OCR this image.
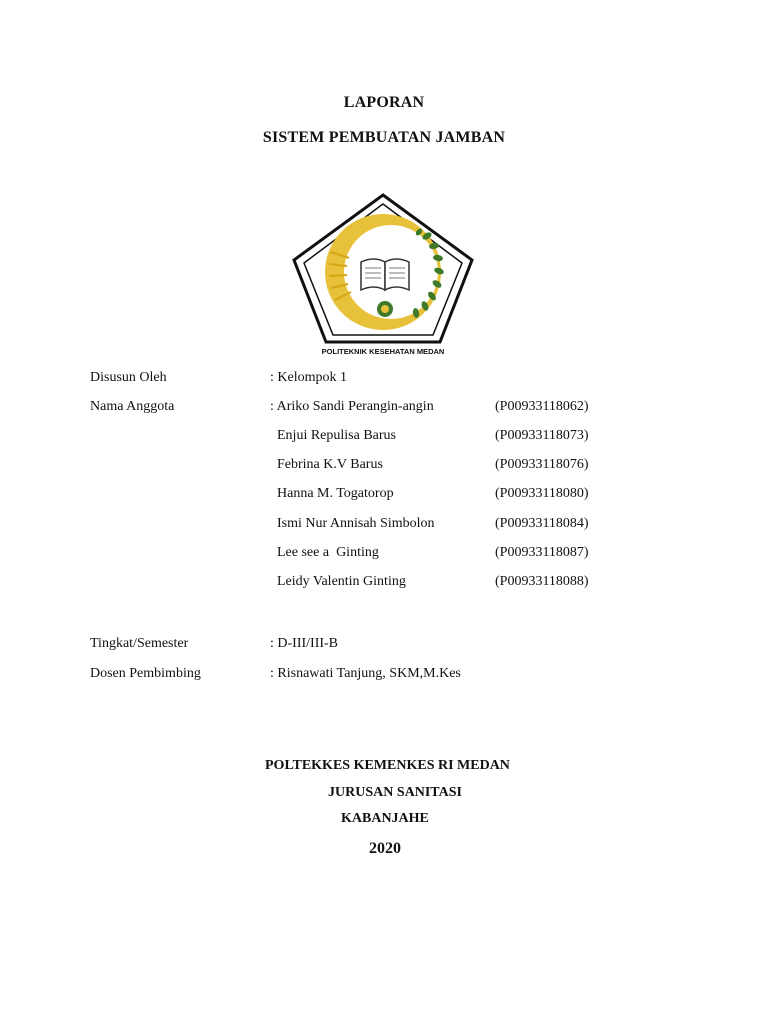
LAPORAN
SISTEM PEMBUATAN JAMBAN
POLITEKNIK KESEHATAN MEDAN
Disusun Oleh	: Kelompok 1
Nama Anggota	: Ariko Sandi Perangin-angin	(P00933118062)
Enjui Repulisa Barus	(P00933118073)
Febrina K.V Barus	(P00933118076)
Hanna M. Togatorop	(P00933118080)
Ismi Nur Annisah Simbolon	(P00933118084)
Lee see a  Ginting	(P00933118087)
Leidy Valentin Ginting	(P00933118088)
Tingkat/Semester	: D-III/III-B
Dosen Pembimbing	: Risnawati Tanjung, SKM,M.Kes
POLTEKKES KEMENKES RI MEDAN
JURUSAN SANITASI
KABANJAHE
2020
